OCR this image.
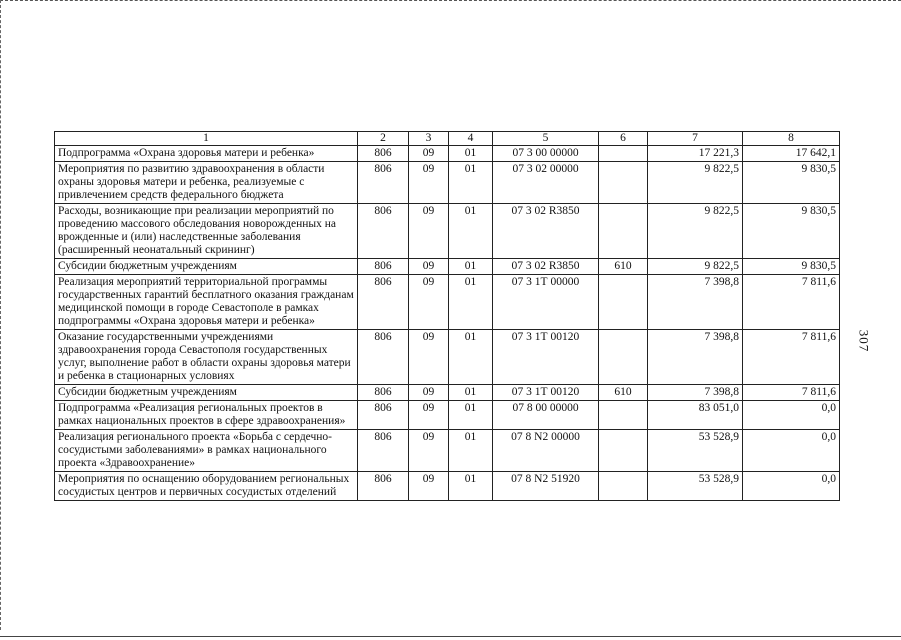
307
1	2	3	4	5	6	7	8
Подпрограмма «Охрана здоровья матери и ребенка»	806	09	01	07 3 00 00000		17 221,3	17 642,1
Мероприятия по развитию здравоохранения в области охраны здоровья матери и ребенка, реализуемые с привлечением средств федерального бюджета	806	09	01	07 3 02 00000		9 822,5	9 830,5
Расходы, возникающие при реализации мероприятий по проведению массового обследования новорожденных на врожденные и (или) наследственные заболевания (расширенный неонатальный скрининг)	806	09	01	07 3 02 R3850		9 822,5	9 830,5
Субсидии бюджетным учреждениям	806	09	01	07 3 02 R3850	610	9 822,5	9 830,5
Реализация мероприятий территориальной программы государственных гарантий бесплатного оказания гражданам медицинской помощи в городе Севастополе в рамках подпрограммы «Охрана здоровья матери и ребенка»	806	09	01	07 3 1Т 00000		7 398,8	7 811,6
Оказание государственными учреждениями здравоохранения города Севастополя государственных услуг, выполнение работ в области охраны здоровья матери и ребенка в стационарных условиях	806	09	01	07 3 1Т 00120		7 398,8	7 811,6
Субсидии бюджетным учреждениям	806	09	01	07 3 1Т 00120	610	7 398,8	7 811,6
Подпрограмма «Реализация региональных проектов в рамках национальных проектов в сфере здравоохранения»	806	09	01	07 8 00 00000		83 051,0	0,0
Реализация регионального проекта «Борьба с сердечно-сосудистыми заболеваниями» в рамках национального проекта «Здравоохранение»	806	09	01	07 8 N2 00000		53 528,9	0,0
Мероприятия по оснащению оборудованием региональных сосудистых центров и первичных сосудистых отделений	806	09	01	07 8 N2 51920		53 528,9	0,0
